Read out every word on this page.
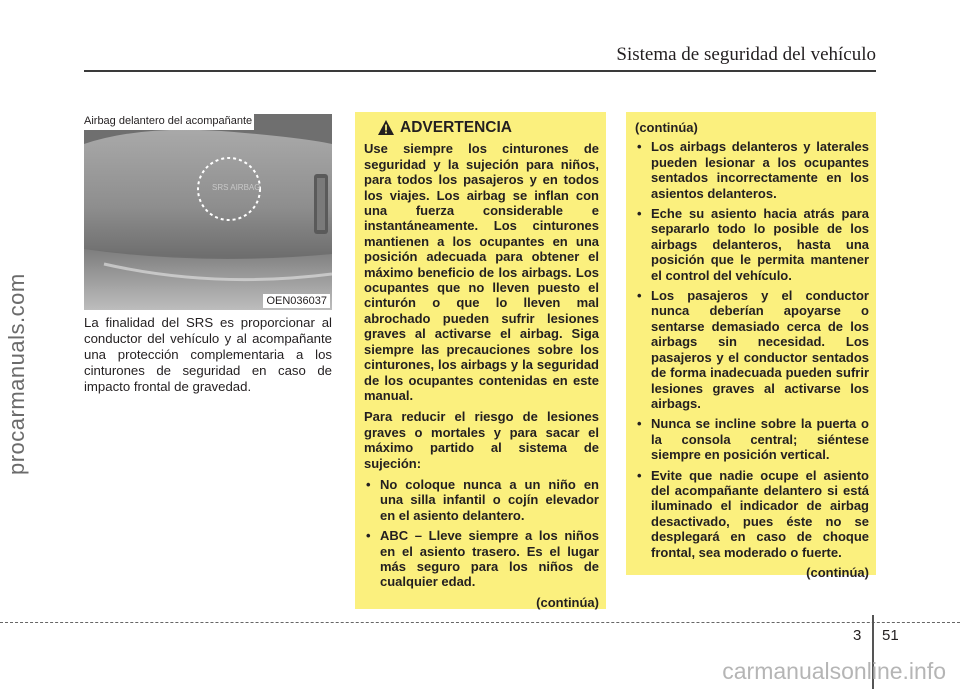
Sistema de seguridad del vehículo
procarmanuals.com
SRS AIRBAG
OEN036037
Airbag delantero del acompañante
La finalidad del SRS es proporcionar al conductor del vehículo y al acompañante una protección complementaria a los cinturones de seguridad en caso de impacto frontal de gravedad.
ADVERTENCIA

Use siempre los cinturones de seguridad y la sujeción para niños, para todos los pasajeros y en todos los viajes. Los airbag se inflan con una fuerza considerable e instantáneamente. Los cinturones mantienen a los ocupantes en una posición adecuada para obtener el máximo beneficio de los airbags. Los ocupantes que no lleven puesto el cinturón o que lo lleven mal abrochado pueden sufrir lesiones graves al activarse el airbag. Siga siempre las precauciones sobre los cinturones, los airbags y la seguridad de los ocupantes contenidas en este manual.

Para reducir el riesgo de lesiones graves o mortales y para sacar el máximo partido al sistema de sujeción:

• No coloque nunca a un niño en una silla infantil o cojín elevador en el asiento delantero.
• ABC – Lleve siempre a los niños en el asiento trasero. Es el lugar más seguro para los niños de cualquier edad.
(continúa)

(continúa)

• Los airbags delanteros y laterales pueden lesionar a los ocupantes sentados incorrectamente en los asientos delanteros.
• Eche su asiento hacia atrás para separarlo todo lo posible de los airbags delanteros, hasta una posición que le permita mantener el control del vehículo.
• Los pasajeros y el conductor nunca deberían apoyarse o sentarse demasiado cerca de los airbags sin necesidad. Los pasajeros y el conductor sentados de forma inadecuada pueden sufrir lesiones graves al activarse los airbags.
• Nunca se incline sobre la puerta o la consola central; siéntese siempre en posición vertical.
• Evite que nadie ocupe el asiento del acompañante delantero si está iluminado el indicador de airbag desactivado, pues éste no se desplegará en caso de choque frontal, sea moderado o fuerte.
(continúa)
3 51
carmanualsonline.info
